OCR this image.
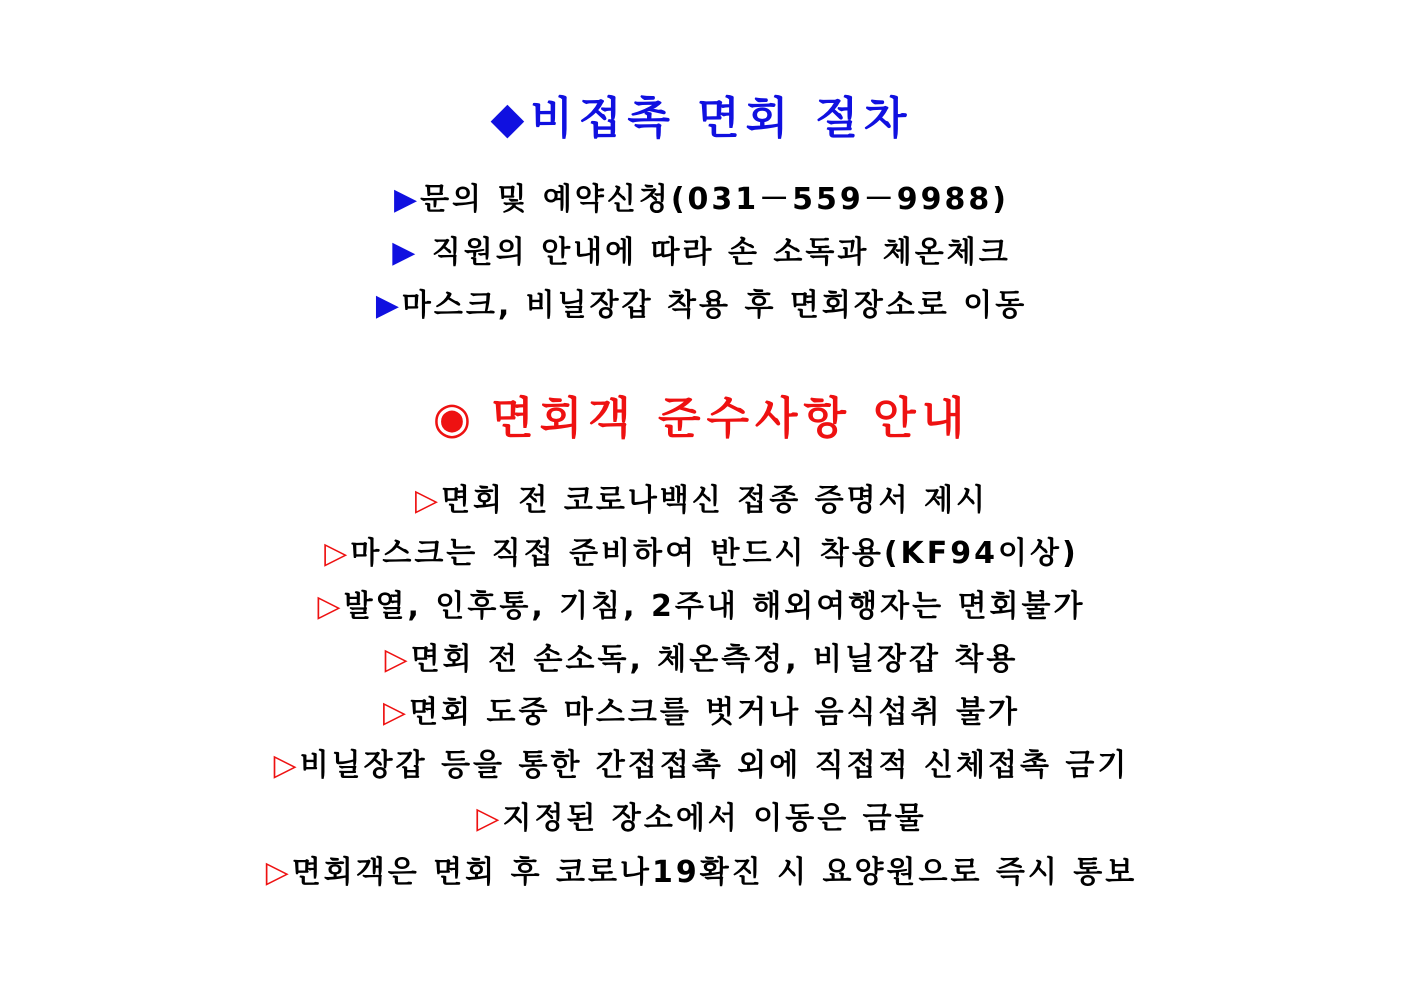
◆비접촉 면회 절차
▶문의 및 예약신청(031－559－9988)
▶ 직원의 안내에 따라 손 소독과 체온체크
▶마스크, 비닐장갑 착용 후 면회장소로 이동
◉ 면회객 준수사항 안내
▷면회 전 코로나백신 접종 증명서 제시
▷마스크는 직접 준비하여 반드시 착용(KF94이상)
▷발열, 인후통, 기침, 2주내 해외여행자는 면회불가
▷면회 전 손소독, 체온측정, 비닐장갑 착용
▷면회 도중 마스크를 벗거나 음식섭취 불가
▷비닐장갑 등을 통한 간접접촉 외에 직접적 신체접촉 금기
▷지정된 장소에서 이동은 금물
▷면회객은 면회 후 코로나19확진 시 요양원으로 즉시 통보
